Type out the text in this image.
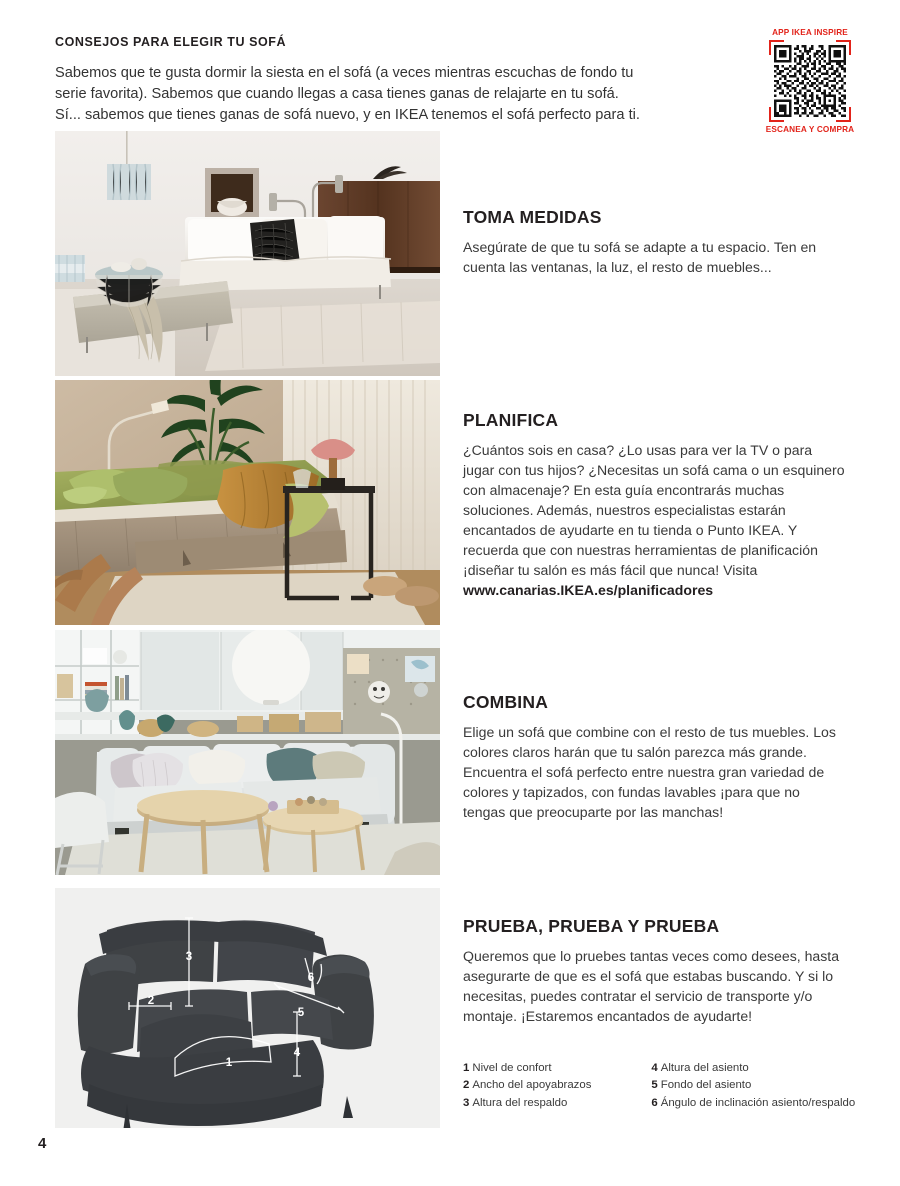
CONSEJOS PARA ELEGIR TU SOFÁ
Sabemos que te gusta dormir la siesta en el sofá (a veces mientras escuchas de fondo tu
serie favorita). Sabemos que cuando llegas a casa tienes ganas de relajarte en tu sofá.
Sí... sabemos que tienes ganas de sofá nuevo, y en IKEA tenemos el sofá perfecto para ti.
APP IKEA INSPIRE
ESCANEA Y COMPRA
TOMA MEDIDAS

Asegúrate de que tu sofá se adapte a tu espacio. Ten en cuenta las ventanas, la luz, el resto de muebles...

PLANIFICA

¿Cuántos sois en casa? ¿Lo usas para ver la TV o para jugar con tus hijos? ¿Necesitas un sofá cama o un esquinero con almacenaje? En esta guía encontrarás muchas soluciones. Además, nuestros especialistas estarán encantados de ayudarte en tu tienda o Punto IKEA. Y recuerda que con nuestras herramientas de planificación ¡diseñar tu salón es más fácil que nunca! Visita www.canarias.IKEA.es/planificadores

COMBINA

Elige un sofá que combine con el resto de tus muebles. Los colores claros harán que tu salón parezca más grande. Encuentra el sofá perfecto entre nuestra gran variedad de colores y tapizados, con fundas lavables ¡para que no tengas que preocuparte por las manchas!

1
2
3
4
5
6
PRUEBA, PRUEBA Y PRUEBA

Queremos que lo pruebes tantas veces como desees, hasta asegurarte de que es el sofá que estabas buscando. Y si lo necesitas, puedes contratar el servicio de transporte y/o montaje. ¡Estaremos encantados de ayudarte!

1 Nivel de confort
2 Ancho del apoyabrazos
3 Altura del respaldo
4 Altura del asiento
5 Fondo del asiento
6 Ángulo de inclinación asiento/respaldo
4
